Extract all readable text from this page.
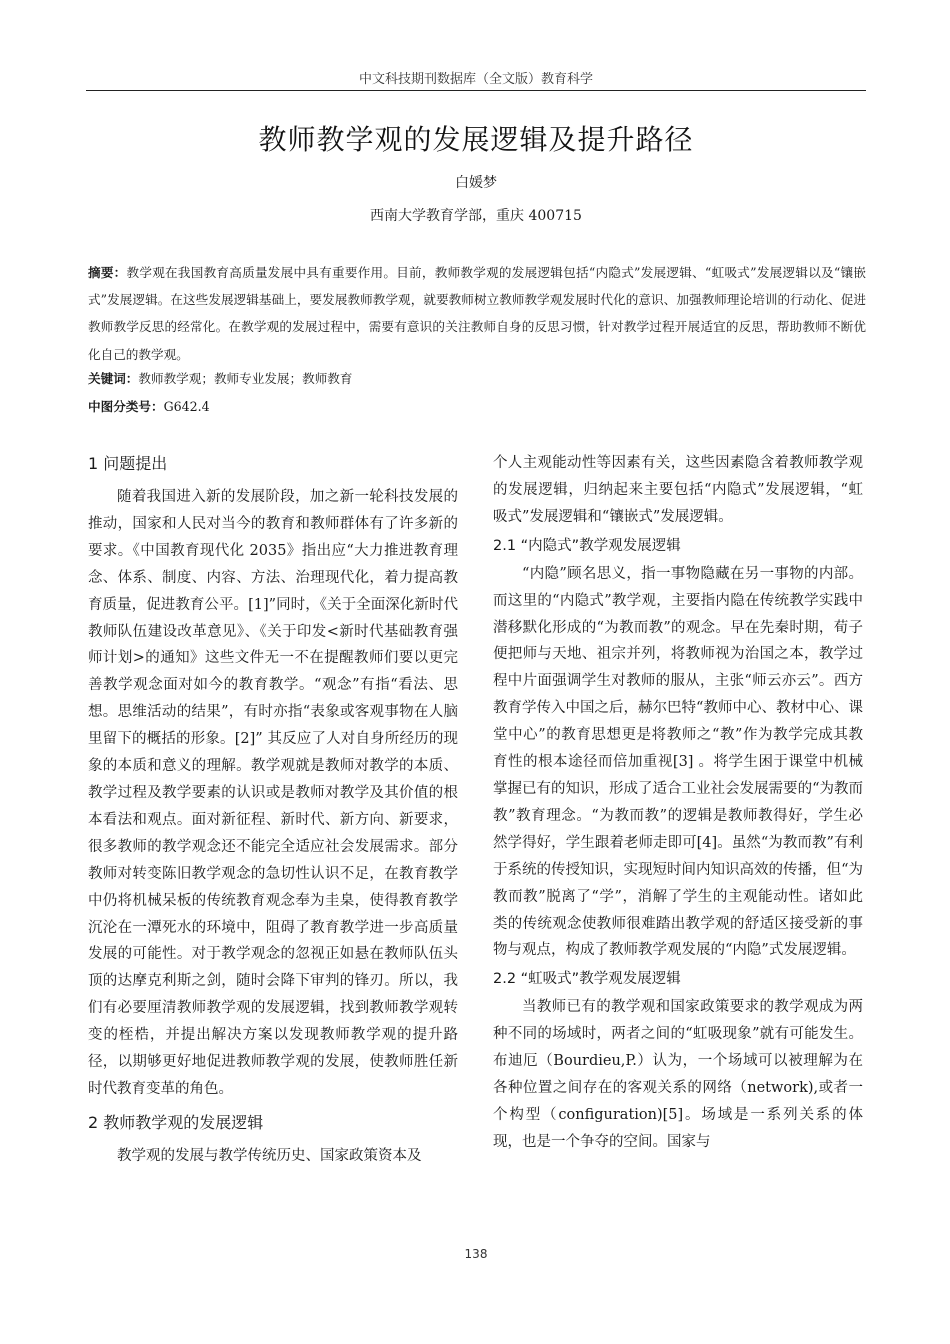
中文科技期刊数据库（全文版）教育科学
教师教学观的发展逻辑及提升路径
白媛梦
西南大学教育学部，重庆 400715
摘要：教学观在我国教育高质量发展中具有重要作用。目前，教师教学观的发展逻辑包括“内隐式”发展逻辑、“虹吸式”发展逻辑以及“镶嵌式”发展逻辑。在这些发展逻辑基础上，要发展教师教学观，就要教师树立教师教学观发展时代化的意识、加强教师理论培训的行动化、促进教师教学反思的经常化。在教学观的发展过程中，需要有意识的关注教师自身的反思习惯，针对教学过程开展适宜的反思，帮助教师不断优化自己的教学观。
关键词：教师教学观；教师专业发展；教师教育
中图分类号：G642.4
1 问题提出

随着我国进入新的发展阶段，加之新一轮科技发展的推动，国家和人民对当今的教育和教师群体有了许多新的要求。《中国教育现代化 2035》指出应“大力推进教育理念、体系、制度、内容、方法、治理现代化，着力提高教育质量，促进教育公平。[1]”同时，《关于全面深化新时代教师队伍建设改革意见》、《关于印发<新时代基础教育强师计划>的通知》这些文件无一不在提醒教师们要以更完善教学观念面对如今的教育教学。“观念”有指“看法、思想。思维活动的结果”，有时亦指“表象或客观事物在人脑里留下的概括的形象。[2]” 其反应了人对自身所经历的现象的本质和意义的理解。教学观就是教师对教学的本质、教学过程及教学要素的认识或是教师对教学及其价值的根本看法和观点。面对新征程、新时代、新方向、新要求，很多教师的教学观念还不能完全适应社会发展需求。部分教师对转变陈旧教学观念的急切性认识不足，在教育教学中仍将机械呆板的传统教育观念奉为圭臬，使得教育教学沉沦在一潭死水的环境中，阻碍了教育教学进一步高质量发展的可能性。对于教学观念的忽视正如悬在教师队伍头顶的达摩克利斯之剑，随时会降下审判的锋刃。所以，我们有必要厘清教师教学观的发展逻辑，找到教师教学观转变的桎梏，并提出解决方案以发现教师教学观的提升路径，以期够更好地促进教师教学观的发展，使教师胜任新时代教育变革的角色。

2 教师教学观的发展逻辑

教学观的发展与教学传统历史、国家政策资本及

个人主观能动性等因素有关，这些因素隐含着教师教学观的发展逻辑，归纳起来主要包括“内隐式”发展逻辑，“虹吸式”发展逻辑和“镶嵌式”发展逻辑。

2.1 “内隐式”教学观发展逻辑

“内隐”顾名思义，指一事物隐藏在另一事物的内部。而这里的“内隐式”教学观，主要指内隐在传统教学实践中潜移默化形成的“为教而教”的观念。早在先秦时期，荀子便把师与天地、祖宗并列，将教师视为治国之本，教学过程中片面强调学生对教师的服从，主张“师云亦云”。西方教育学传入中国之后，赫尔巴特“教师中心、教材中心、课堂中心”的教育思想更是将教师之“教”作为教学完成其教育性的根本途径而倍加重视[3] 。将学生困于课堂中机械掌握已有的知识，形成了适合工业社会发展需要的“为教而教”教育理念。“为教而教”的逻辑是教师教得好，学生必然学得好，学生跟着老师走即可[4]。虽然“为教而教”有利于系统的传授知识，实现短时间内知识高效的传播，但“为教而教”脱离了“学”，消解了学生的主观能动性。诸如此类的传统观念使教师很难踏出教学观的舒适区接受新的事物与观点，构成了教师教学观发展的“内隐”式发展逻辑。

2.2 “虹吸式”教学观发展逻辑

当教师已有的教学观和国家政策要求的教学观成为两种不同的场域时，两者之间的“虹吸现象”就有可能发生。布迪厄（Bourdieu,P.）认为，一个场域可以被理解为在各种位置之间存在的客观关系的网络（network),或者一个构型（configuration)[5]。场域是一系列关系的体现，也是一个争夺的空间。国家与

138
